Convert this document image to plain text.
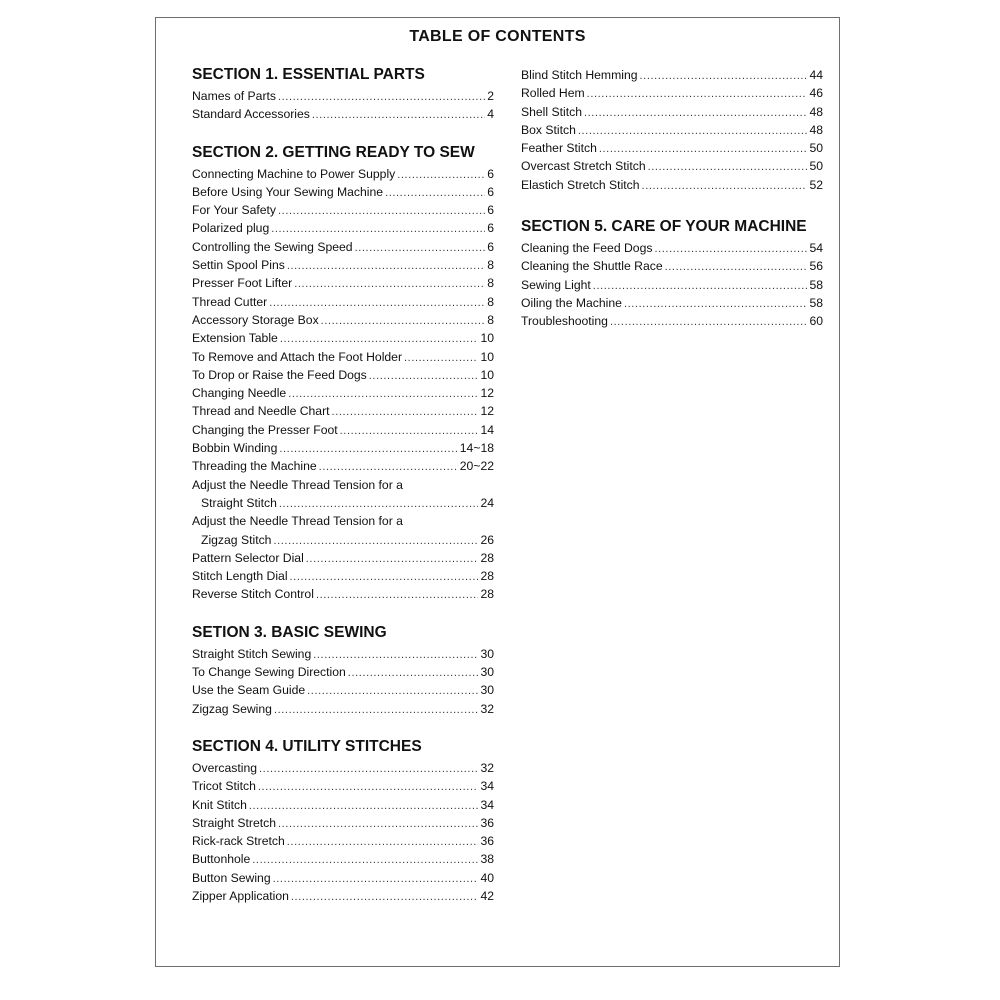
TABLE OF CONTENTS
SECTION 1. ESSENTIAL PARTS
Names of Parts .....	2
Standard Accessories .....	4
SECTION 2. GETTING READY TO SEW
Connecting Machine to Power Supply .....	6
Before Using Your Sewing Machine .....	6
For Your Safety .....	6
Polarized plug .....	6
Controlling the Sewing Speed .....	6
Settin Spool Pins .....	8
Presser Foot Lifter .....	8
Thread Cutter .....	8
Accessory Storage Box .....	8
Extension Table .....	10
To Remove and Attach the Foot Holder .....	10
To Drop or Raise the Feed Dogs .....	10
Changing Needle .....	12
Thread and Needle Chart .....	12
Changing the Presser Foot .....	14
Bobbin Winding .....	14~18
Threading the Machine .....	20~22
Adjust the Needle Thread Tension for a
Straight Stitch .....	24
Adjust the Needle Thread Tension for a
Zigzag Stitch .....	26
Pattern Selector Dial .....	28
Stitch Length Dial .....	28
Reverse Stitch Control .....	28
SETION 3. BASIC SEWING
Straight Stitch Sewing .....	30
To Change Sewing Direction .....	30
Use the Seam Guide .....	30
Zigzag Sewing .....	32
SECTION 4. UTILITY STITCHES
Overcasting .....	32
Tricot Stitch .....	34
Knit Stitch .....	34
Straight Stretch .....	36
Rick-rack Stretch .....	36
Buttonhole .....	38
Button Sewing .....	40
Zipper Application .....	42
Blind Stitch Hemming .....	44
Rolled Hem .....	46
Shell Stitch .....	48
Box Stitch .....	48
Feather Stitch .....	50
Overcast Stretch Stitch .....	50
Elastich Stretch Stitch .....	52
SECTION 5. CARE OF YOUR MACHINE
Cleaning the Feed Dogs .....	54
Cleaning the Shuttle Race .....	56
Sewing Light .....	58
Oiling the Machine .....	58
Troubleshooting .....	60
